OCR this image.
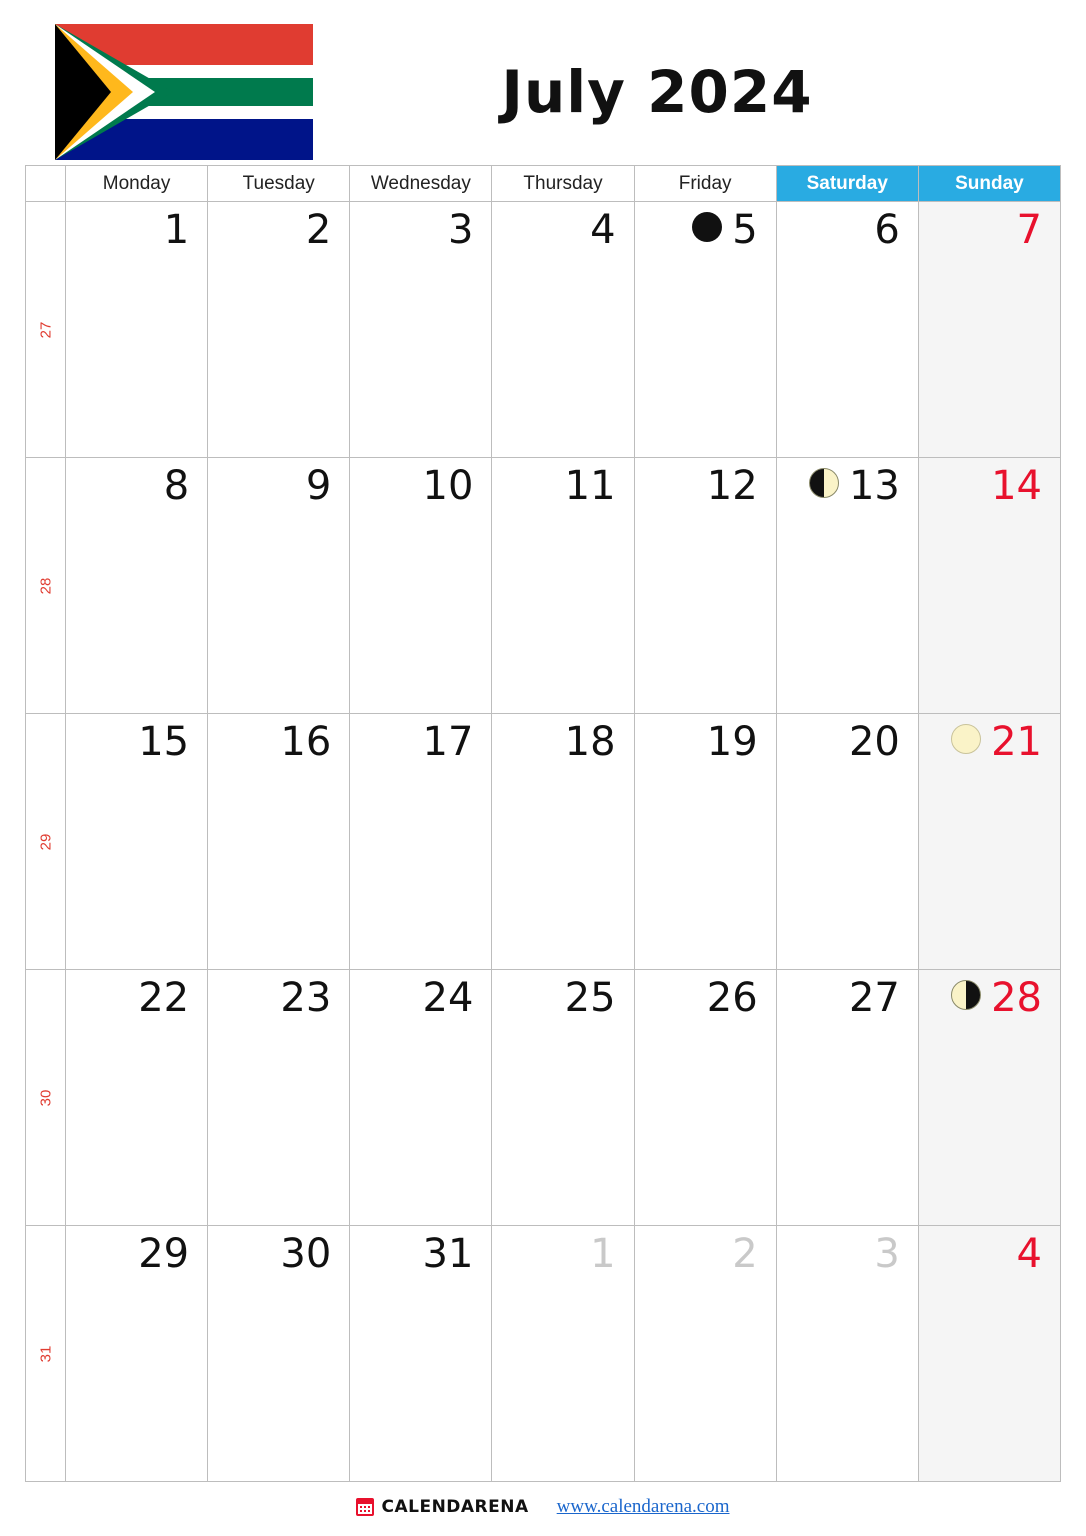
July 2024
Monday	Tuesday	Wednesday	Thursday	Friday	Saturday	Sunday
27
1	2	3	4	5	6	7
28
8	9	10	11	12	13	14
29
15	16	17	18	19	20	21
30
22	23	24	25	26	27	28
31
29	30	31	1	2	3	4
CALENDARENA www.calendarena.com
